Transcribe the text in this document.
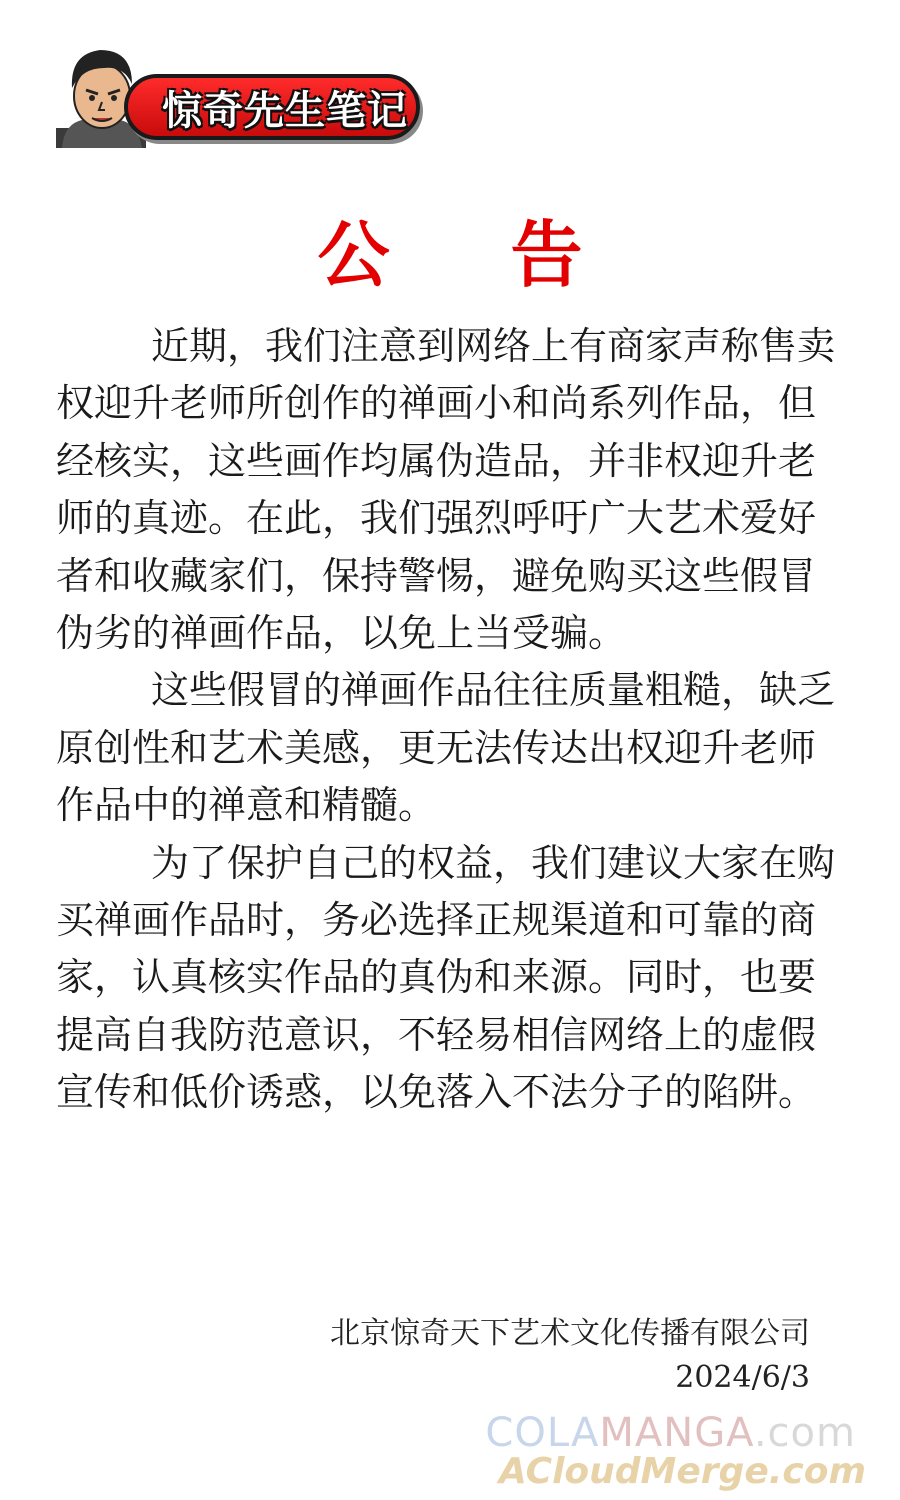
惊奇先生笔记
公 告

近期，我们注意到网络上有商家声称售卖权迎升老师所创作的禅画小和尚系列作品，但经核实，这些画作均属伪造品，并非权迎升老师的真迹。在此，我们强烈呼吁广大艺术爱好者和收藏家们，保持警惕，避免购买这些假冒伪劣的禅画作品，以免上当受骗。

这些假冒的禅画作品往往质量粗糙，缺乏原创性和艺术美感，更无法传达出权迎升老师作品中的禅意和精髓。

为了保护自己的权益，我们建议大家在购买禅画作品时，务必选择正规渠道和可靠的商家，认真核实作品的真伪和来源。同时，也要提高自我防范意识，不轻易相信网络上的虚假宣传和低价诱惑，以免落入不法分子的陷阱。

北京惊奇天下艺术文化传播有限公司
2024/6/3
COLAMANGA.com
ACloudMerge.com
